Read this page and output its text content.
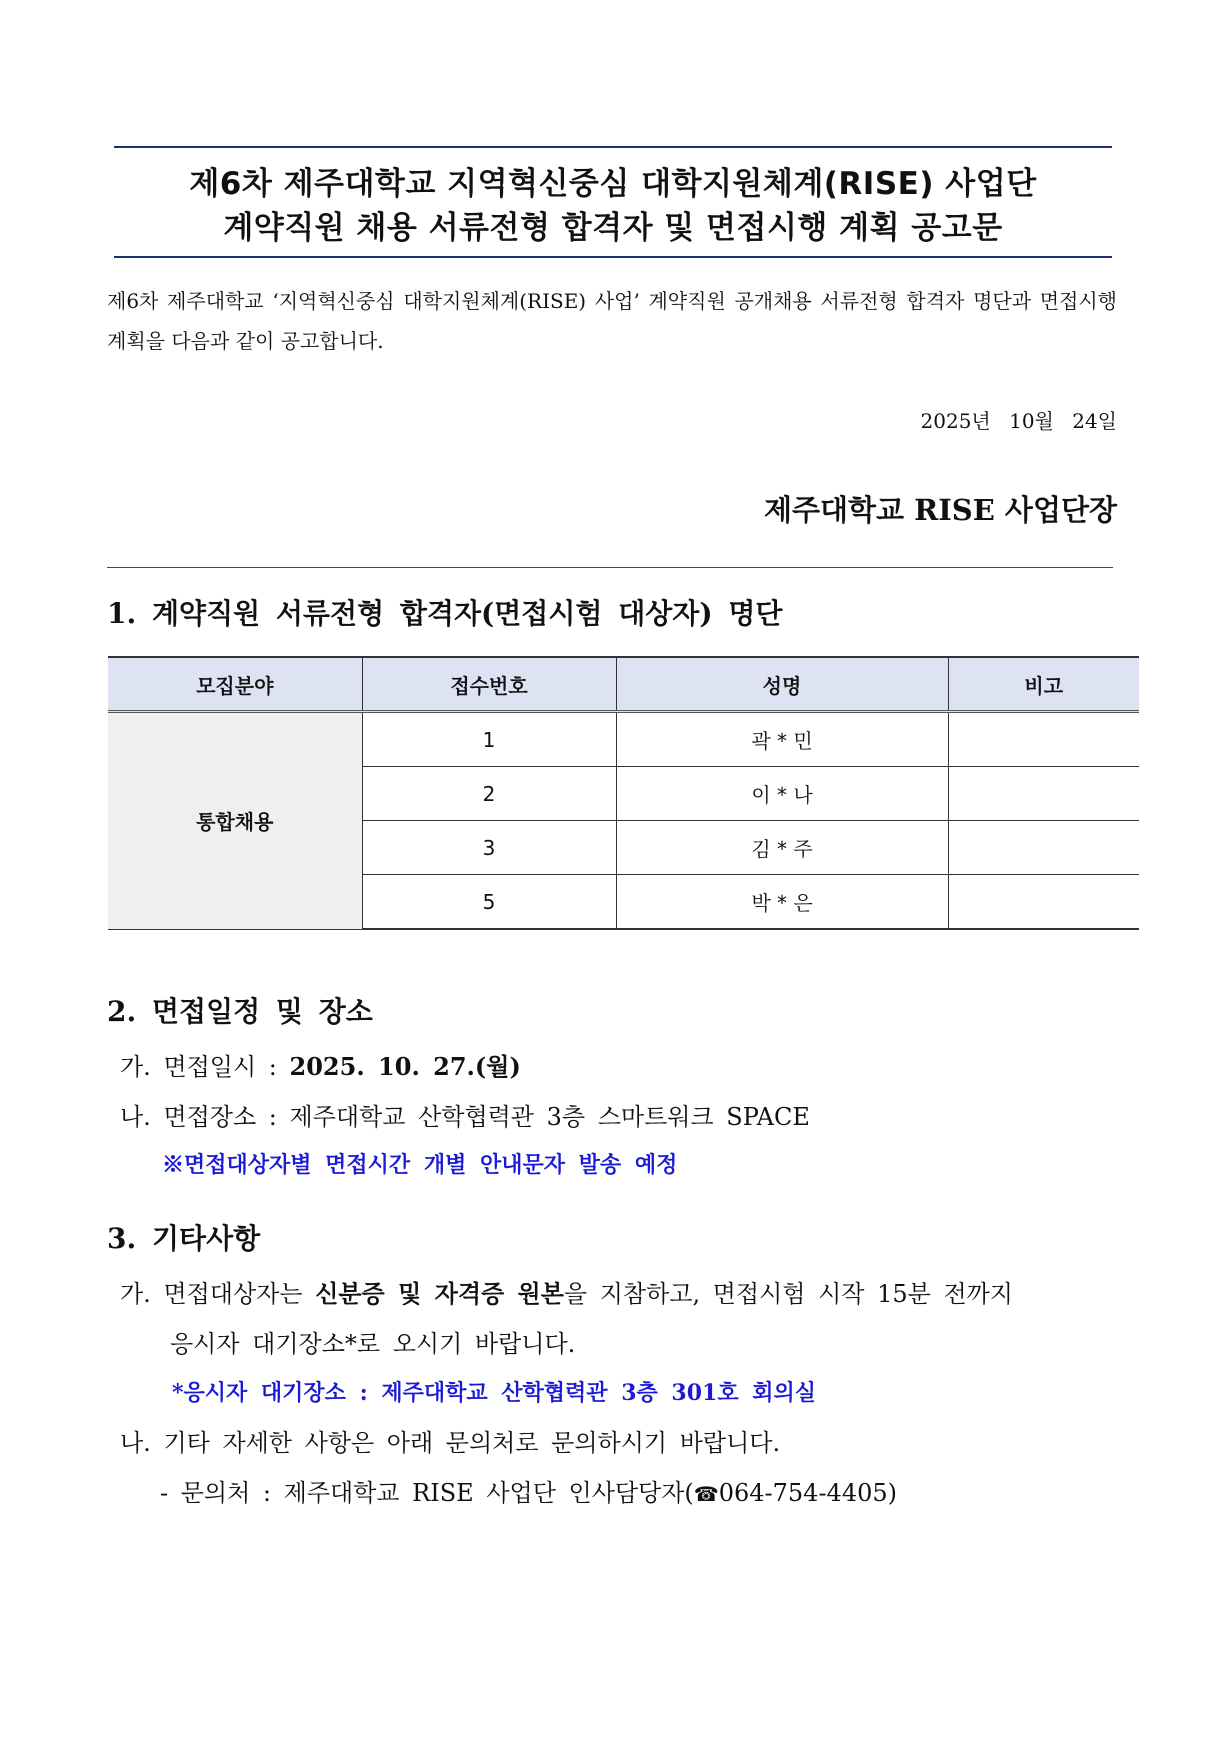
제6차 제주대학교 지역혁신중심 대학지원체계(RISE) 사업단
계약직원 채용 서류전형 합격자 및 면접시행 계획 공고문
제6차 제주대학교 ‘지역혁신중심 대학지원체계(RISE) 사업’ 계약직원 공개채용 서류전형 합격자 명단과 면접시행 계획을 다음과 같이 공고합니다.
2025년 10월 24일
제주대학교 RISE 사업단장
1. 계약직원 서류전형 합격자(면접시험 대상자) 명단
모집분야	접수번호	성명	비고
통합채용	1	곽 * 민	
	2	이 * 나	
	3	김 * 주	
	5	박 * 은	
2. 면접일정 및 장소
가. 면접일시 : 2025. 10. 27.(월)
나. 면접장소 : 제주대학교 산학협력관 3층 스마트워크 SPACE
※면접대상자별 면접시간 개별 안내문자 발송 예정
3. 기타사항
가. 면접대상자는 신분증 및 자격증 원본을 지참하고, 면접시험 시작 15분 전까지
응시자 대기장소*로 오시기 바랍니다.
*응시자 대기장소 : 제주대학교 산학협력관 3층 301호 회의실
나. 기타 자세한 사항은 아래 문의처로 문의하시기 바랍니다.
- 문의처 : 제주대학교 RISE 사업단 인사담당자(☎064-754-4405)
